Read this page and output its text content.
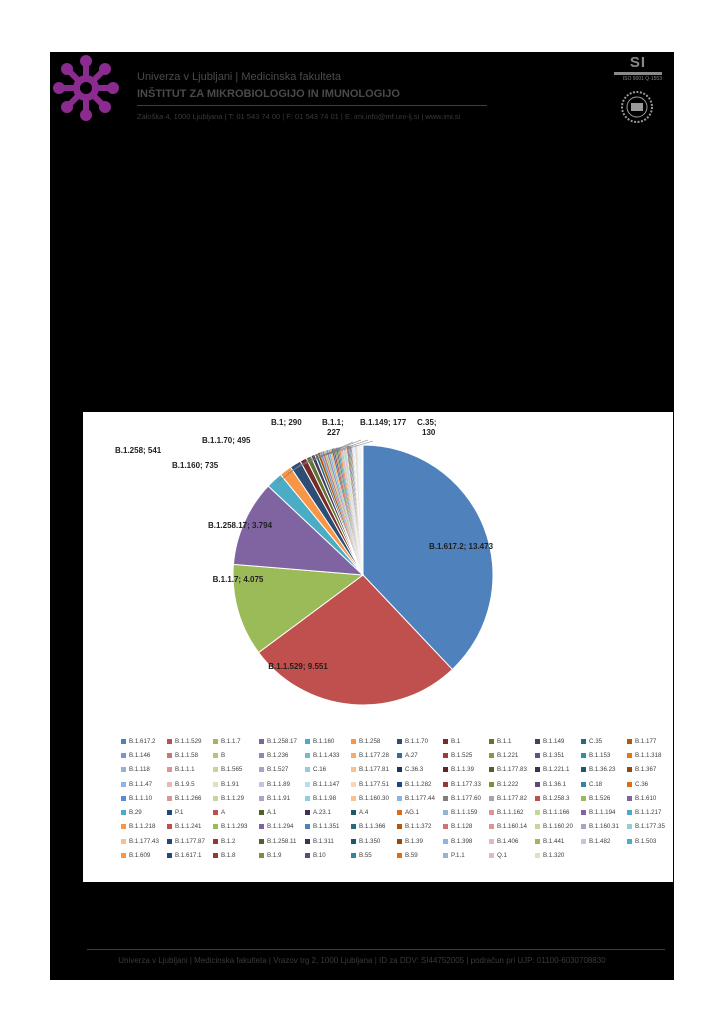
Univerza v Ljubljani | Medicinska fakulteta
INŠTITUT ZA MIKROBIOLOGIJO IN IMUNOLOGIJO
Zaloška 4, 1000 Ljubljana | T: 01 543 74 00 | F: 01 543 74 01 | E: imi.info@mf.uni-lj.si | www.imi.si
SI
ISO 9001 Q-1553
B.1.617.2; 13.473
B.1.1.529; 9.551
B.1.1.7; 4.075
B.1.258.17; 3.794
B.1.160; 735
B.1.258; 541
B.1.1.70; 495
B.1; 290	B.1.1; 227
B.1.149; 177 C.35; 130
B.1.617.2	B.1.1.529	B.1.1.7	B.1.258.17	B.1.160	B.1.258	B.1.1.70	B.1	B.1.1	B.1.149	C.35	B.1.177
B.1.146	B.1.1.58	B	B.1.236	B.1.1.433	B.1.177.28	A.27	B.1.525	B.1.221	B.1.351	B.1.153	B.1.1.318
B.1.118	B.1.1.1	B.1.565	B.1.527	C.16	B.1.177.81	C.36.3	B.1.1.39	B.1.177.83	B.1.221.1	B.1.36.23	B.1.367
B.1.1.47	B.1.9.5	B.1.91	B.1.1.89	B.1.1.147	B.1.177.51	B.1.1.282	B.1.177.33	B.1.222	B.1.36.1	C.18	C.36
B.1.1.10	B.1.1.266	B.1.1.29	B.1.1.91	B.1.1.98	B.1.160.30	B.1.177.44	B.1.177.60	B.1.177.82	B.1.258.3	B.1.526	B.1.610
B.29	P.1	A	A.1	A.23.1	A.4	AG.1	B.1.1.159	B.1.1.162	B.1.1.166	B.1.1.194	B.1.1.217
B.1.1.218	B.1.1.241	B.1.1.293	B.1.1.294	B.1.1.351	B.1.1.366	B.1.1.372	B.1.128	B.1.160.14	B.1.160.20	B.1.160.31	B.1.177.35
B.1.177.43	B.1.177.87	B.1.2	B.1.258.11	B.1.311	B.1.350	B.1.39	B.1.398	B.1.406	B.1.441	B.1.482	B.1.503
B.1.609	B.1.617.1	B.1.8	B.1.9	B.10	B.55	B.59	P.1.1	Q.1	B.1.320
Univerza v Ljubljani | Medicinska fakulteta | Vrazov trg 2, 1000 Ljubljana | ID za DDV: SI44752005 | podračun pri UJP: 01100-6030708830
